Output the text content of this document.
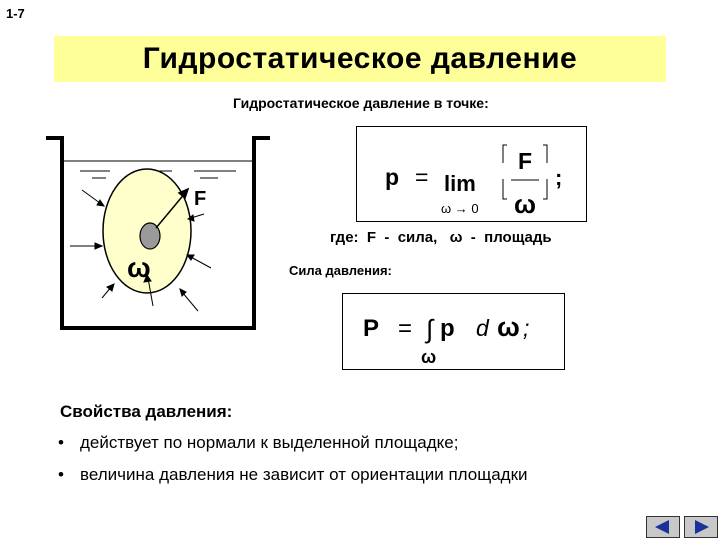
1-7
Гидростатическое давление
Гидростатическое давление в точке:
F
ω
p = lim
ω → 0
F
ω
;
где:  F  -  сила,   ω  -  площадь
Сила давления:
P = ∫ p d ω ;
ω
Свойства давления:
• действует по нормали к выделенной площадке;
• величина давления не зависит от ориентации площадки
